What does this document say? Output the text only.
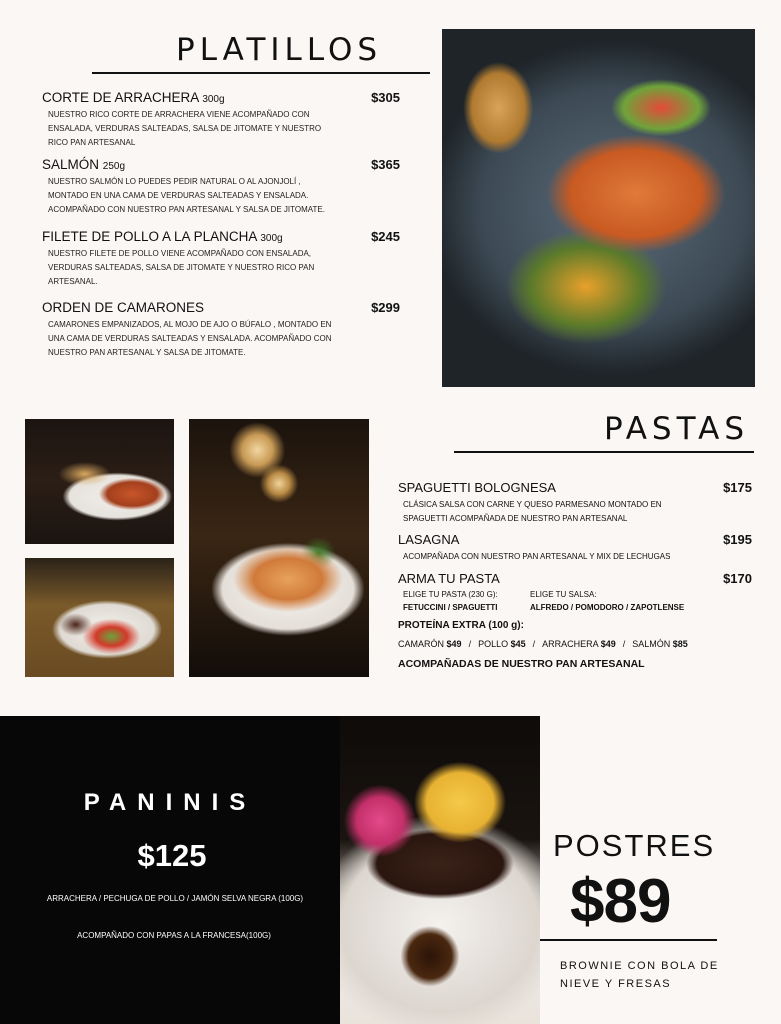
PLATILLOS
CORTE DE ARRACHERA 300g	$305
NUESTRO RICO CORTE DE ARRACHERA VIENE ACOMPAÑADO CON ENSALADA, VERDURAS SALTEADAS, SALSA DE JITOMATE Y NUESTRO RICO PAN ARTESANAL
SALMÓN 250g	$365
NUESTRO SALMÓN LO PUEDES PEDIR NATURAL O AL AJONJOLÍ , MONTADO EN UNA CAMA DE VERDURAS SALTEADAS Y ENSALADA. ACOMPAÑADO CON NUESTRO PAN ARTESANAL Y SALSA DE JITOMATE.
FILETE DE POLLO A LA PLANCHA 300g	$245
NUESTRO FILETE DE POLLO VIENE ACOMPAÑADO CON ENSALADA, VERDURAS SALTEADAS, SALSA DE JITOMATE Y NUESTRO RICO PAN ARTESANAL.
ORDEN DE CAMARONES	$299
CAMARONES EMPANIZADOS, AL MOJO DE AJO O BÚFALO , MONTADO EN UNA CAMA DE VERDURAS SALTEADAS Y ENSALADA. ACOMPAÑADO CON NUESTRO PAN ARTESANAL Y SALSA DE JITOMATE.
PASTAS
SPAGUETTI BOLOGNESA	$175
CLÁSICA SALSA CON CARNE Y QUESO PARMESANO MONTADO EN SPAGUETTI ACOMPAÑADA DE NUESTRO PAN ARTESANAL
LASAGNA	$195
ACOMPAÑADA CON NUESTRO PAN ARTESANAL Y MIX DE LECHUGAS
ARMA TU PASTA	$170
ELIGE TU PASTA (230 G):
FETUCCINI / SPAGUETTI
ELIGE TU SALSA:
ALFREDO / POMODORO / ZAPOTLENSE
PROTEÍNA EXTRA (100 g):
CAMARÓN $49 / POLLO $45 / ARRACHERA $49 / SALMÓN $85
ACOMPAÑADAS DE NUESTRO PAN ARTESANAL
PANINIS
$125
ARRACHERA / PECHUGA DE POLLO / JAMÓN SELVA NEGRA (100G)
ACOMPAÑADO CON PAPAS A LA FRANCESA(100G)
POSTRES
$89
BROWNIE CON BOLA DE NIEVE Y FRESAS
